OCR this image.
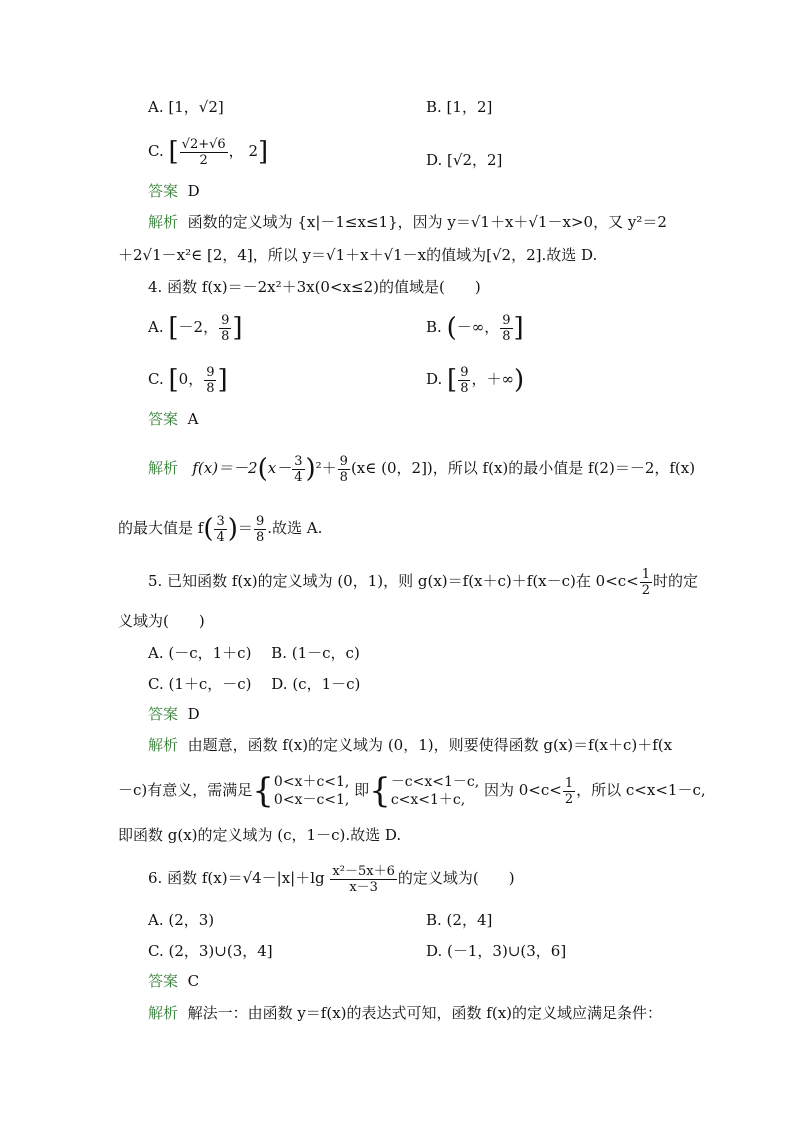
A. [1，√2]	B. [1，2]
C. [ $\frac{√2+√6}{2}$ ， 2]	D. [√2，2]
答案 D
解析 函数的定义域为 {x|－1≤x≤1}，因为 y＝√1＋x＋√1－x>0，又 y²＝2
＋2√1－x²∈ [2，4]，所以 y＝√1＋x＋√1－x的值域为[√2，2].故选 D.
4. 函数 f(x)＝－2x²＋3x(0<x≤2)的值域是(　　)
A. [－2， $\frac{9}{8}$ ]	B. (－∞， $\frac{9}{8}$ ]
C. [0， $\frac{9}{8}$ ]	D. [ $\frac{9}{8}$ ，＋∞)
答案 A
解析 $f(x)=-2(x- \frac{3}{4} )^2+ \frac{9}{8}$ (x∈ (0，2])，所以 f(x)的最小值是 f(2)＝－2，f(x)
的最大值是 $f( \frac{3}{4}$ )＝ $\frac{9}{8}$ .故选 A.
5. 已知函数 f(x)的定义域为 (0，1)，则 g(x)＝f(x＋c)＋f(x－c)在 $0<c< \frac{1}{2}$ 时的定
义域为(　　)
A. (－c，1＋c)　 B. (1－c，c)
C. (1＋c，－c)　 D. (c，1－c)
答案 D
解析 由题意，函数 f(x)的定义域为 (0，1)，则要使得函数 g(x)＝f(x＋c)＋f(x
－c)有意义，需满足{ 0<x＋c<1,
0<x－c<1,
即{ －c<x<1－c,
c<x<1＋c,
因为 $0<c< \frac{1}{2}$ ，所以 c<x<1－c,
即函数 g(x)的定义域为 (c，1－c).故选 D.
6. 函数 $f(x)=√4-|x|+\lg \frac{\text{x²－5x＋6}}{x-3}$ 的定义域为(　　)
A. (2，3)	B. (2，4]
C. (2，3)∪(3，4]	D. (－1，3)∪(3，6]
答案 C
解析 解法一：由函数 y＝f(x)的表达式可知，函数 f(x)的定义域应满足条件：
